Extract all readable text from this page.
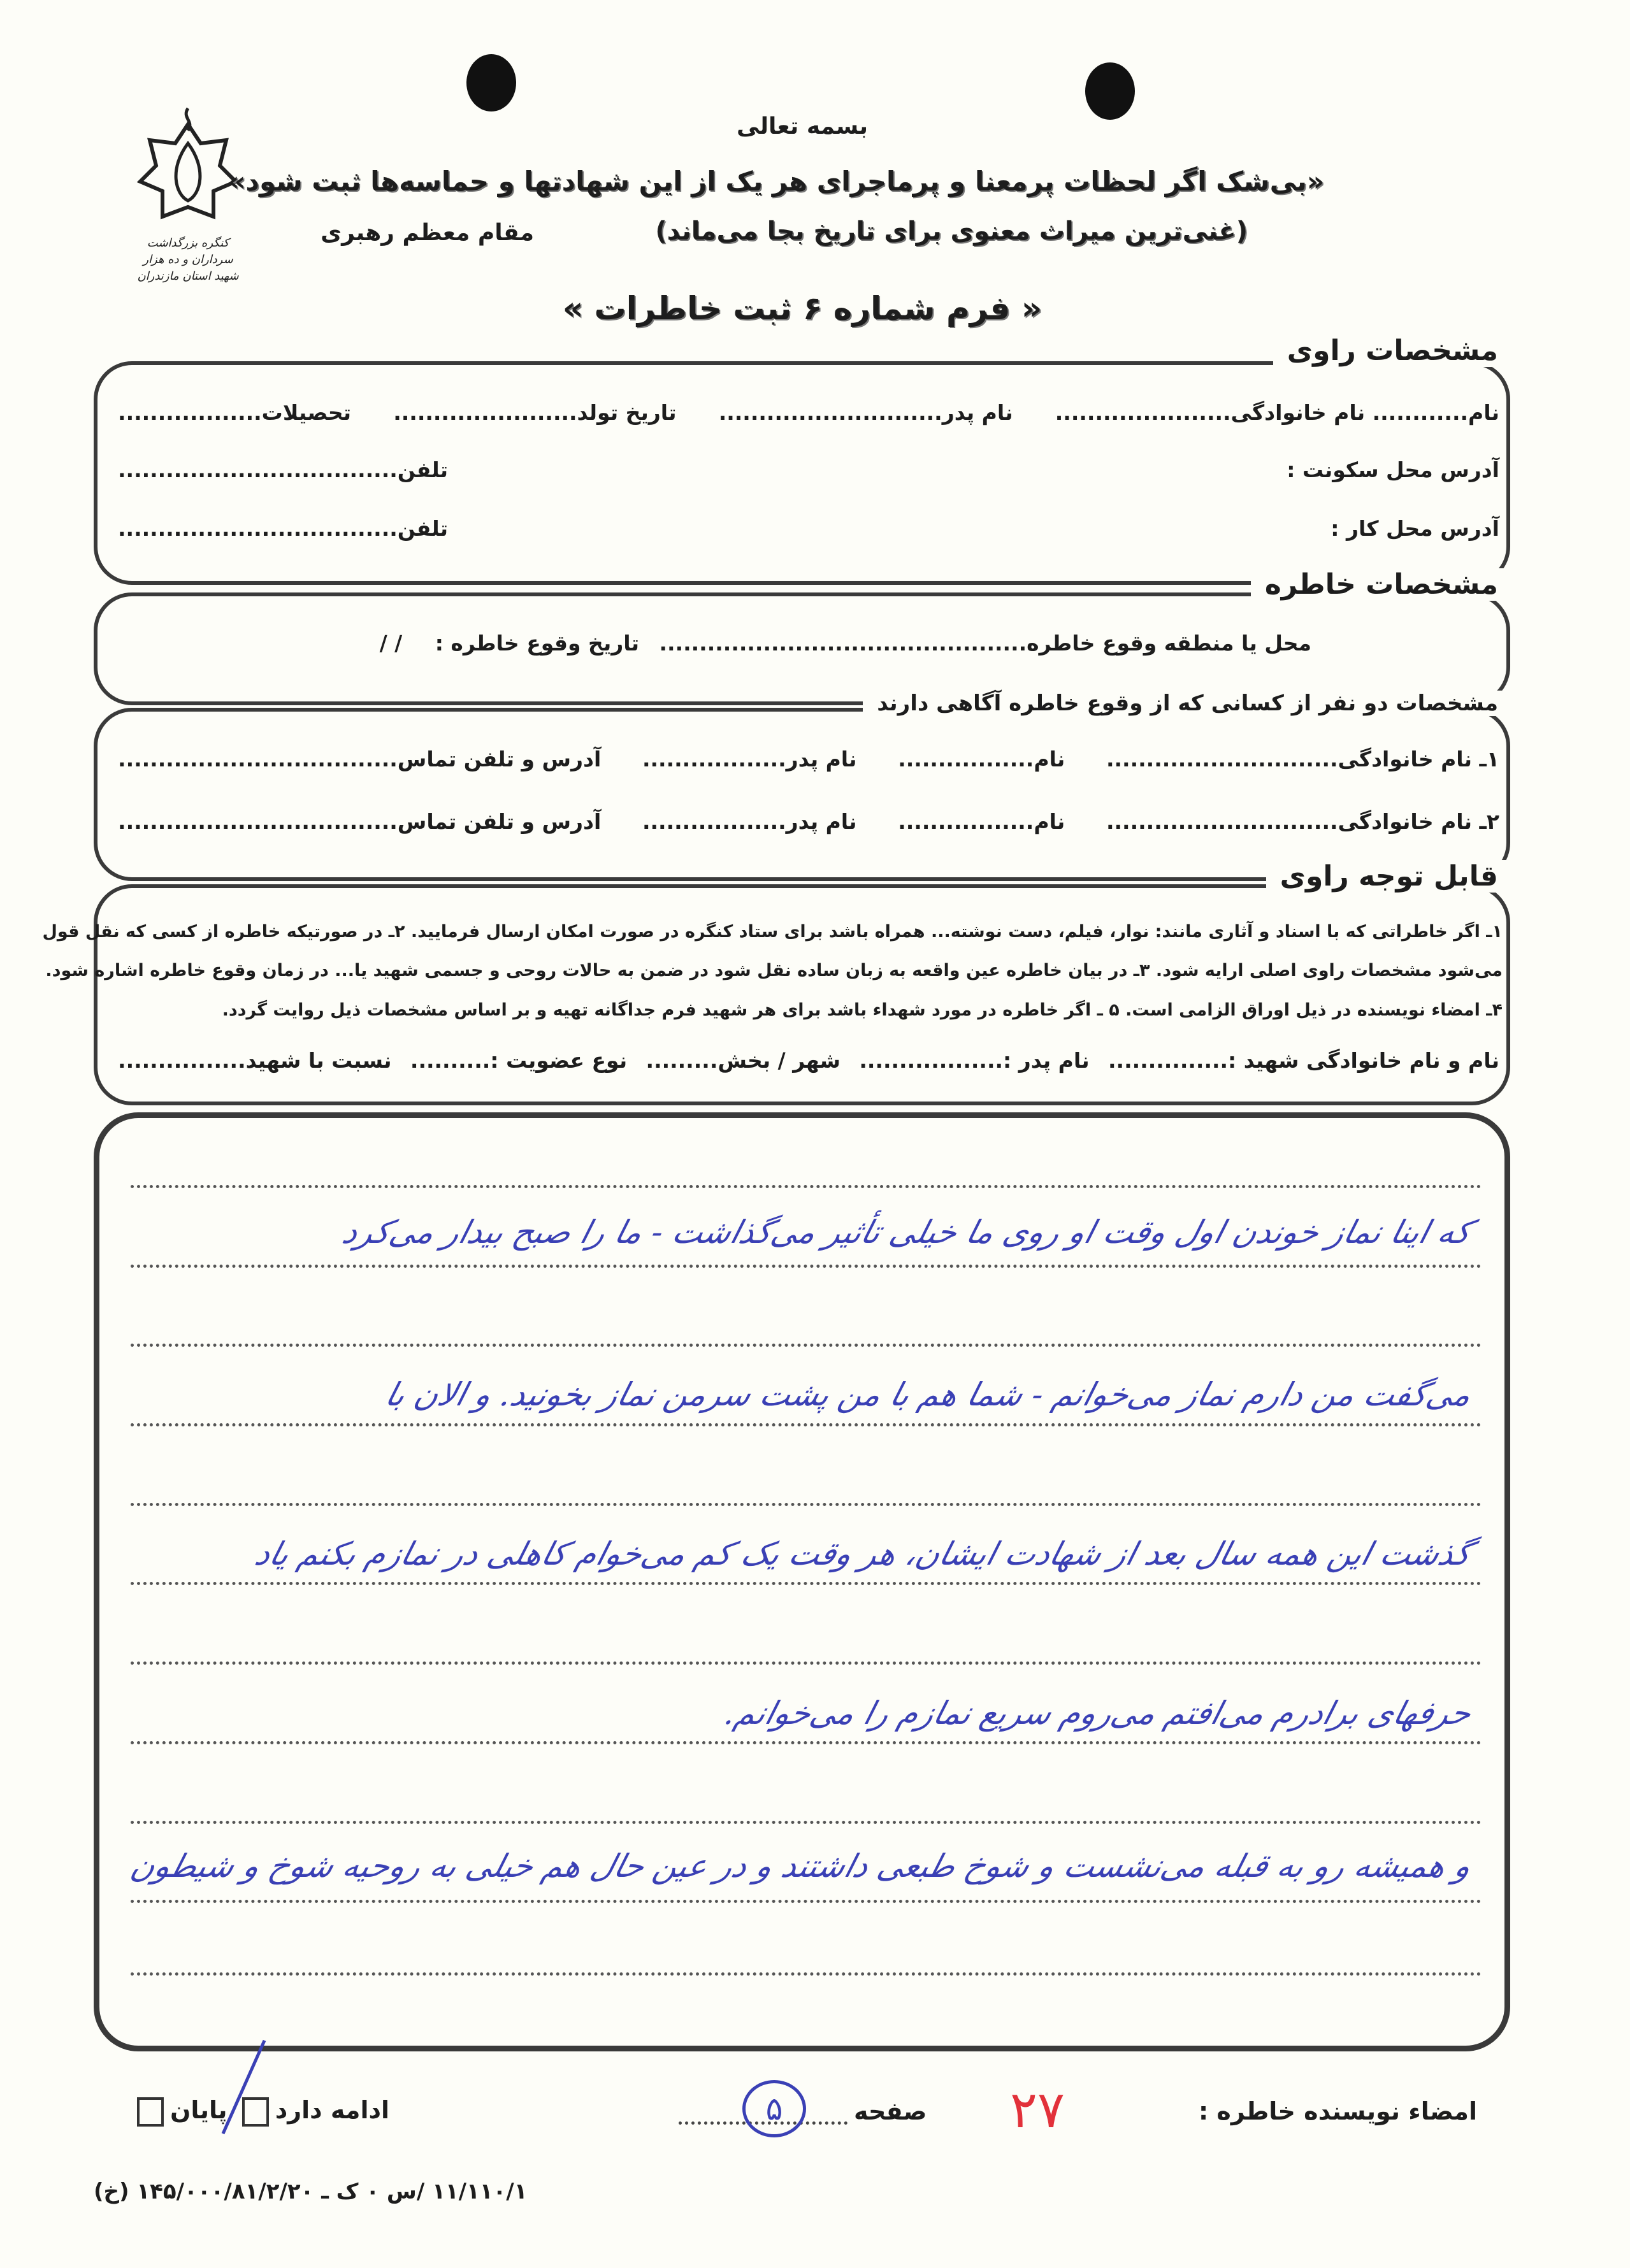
کنگره بزرگداشت سرداران و ده هزار شهید استان مازندران
بسمه تعالی
«بی‌شک اگر لحظات پرمعنا و پرماجرای هر یک از این شهادتها و حماسه‌ها ثبت شود»
(غنی‌ترین میراث معنوی برای تاریخ بجا می‌ماند)
مقام معظم رهبری
« فرم شماره ۶ ثبت خاطرات »
مشخصات راوی
نام............ نام خانوادگی......................
نام پدر............................
تاریخ تولد.......................
تحصیلات..................
آدرس محل سکونت :
تلفن...................................
آدرس محل کار :
تلفن...................................
مشخصات خاطره
محل یا منطقه وقوع خاطره.............................................. تاریخ وقوع خاطره : / /
مشخصات دو نفر از کسانی که از وقوع خاطره آگاهی دارند
۱ـ نام خانوادگی.............................
نام.................
نام پدر..................
آدرس و تلفن تماس...................................
۲ـ نام خانوادگی.............................
نام.................
نام پدر..................
آدرس و تلفن تماس...................................
قابل توجه راوی
۱ـ اگر خاطراتی که با اسناد و آثاری مانند: نوار، فیلم، دست نوشته... همراه باشد برای ستاد کنگره در صورت امکان ارسال فرمایید. ۲ـ در صورتیکه خاطره از کسی که نقل قول
می‌شود مشخصات راوی اصلی ارایه شود. ۳ـ در بیان خاطره عین واقعه به زبان ساده نقل شود در ضمن به حالات روحی و جسمی شهید یا... در زمان وقوع خاطره اشاره شود.
۴ـ امضاء نویسنده در ذیل اوراق الزامی است. ۵ ـ اگر خاطره در مورد شهداء باشد برای هر شهید فرم جداگانه تهیه و بر اساس مشخصات ذیل روایت گردد.
نام و نام خانوادگی شهید :...............
نام پدر :..................
شهر / بخش.........
نوع عضویت :..........
نسبت با شهید................
که اینا نماز خوندن اول وقت او روی ما خیلی تأثیر می‌گذاشت - ما را صبح بیدار می‌کرد
می‌گفت من دارم نماز می‌خوانم - شما هم با من پشت سرمن نماز بخونید. و الان با
گذشت این همه سال بعد از شهادت ایشان، هر وقت یک کم می‌خوام کاهلی در نمازم بکنم یاد
حرفهای برادرم می‌افتم می‌روم سریع نمازم را می‌خوانم.
و همیشه رو به قبله می‌نشست و شوخ طبعی داشتند و در عین حال هم خیلی به روحیه شوخ و شیطون
امضاء نویسنده خاطره :
۲۷
صفحه
۵
ادامه دارد
پایان
۱۱/۱۱۰/۱ /س ۰ ک ـ ۱۴۵/۰۰۰/۸۱/۲/۲۰ (خ)
